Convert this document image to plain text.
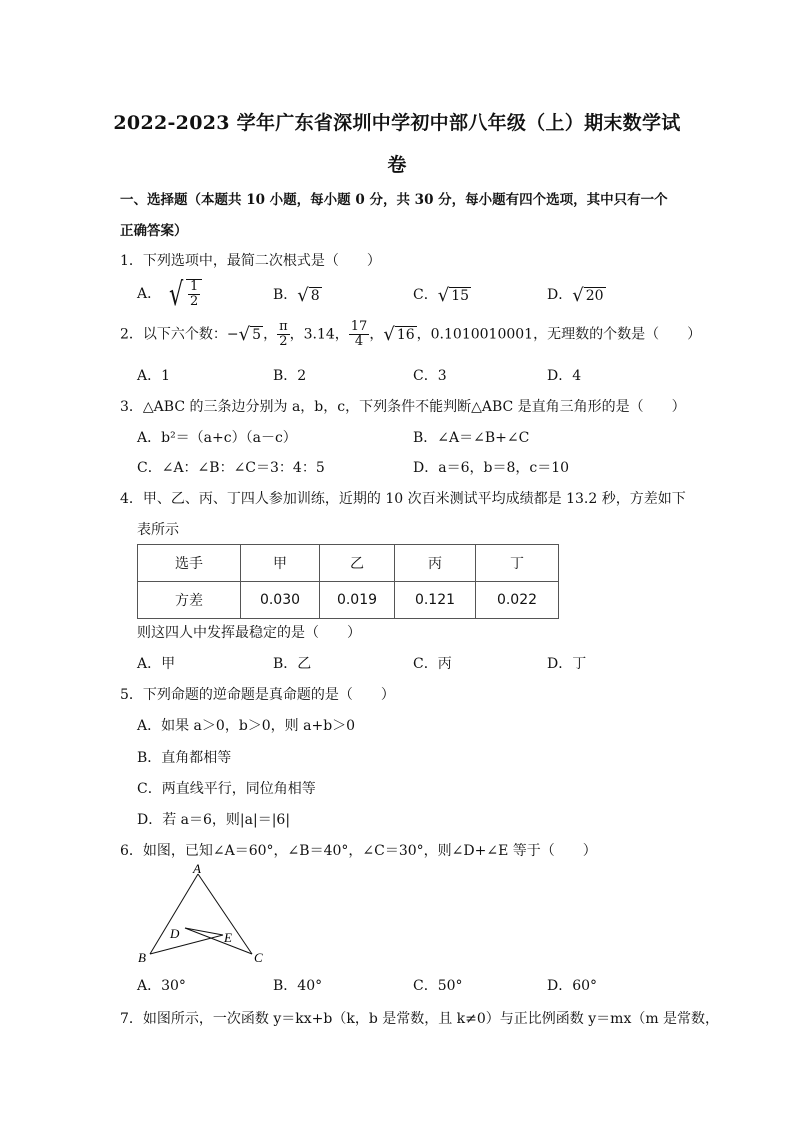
2022-2023 学年广东省深圳中学初中部八年级（上）期末数学试
卷
一、选择题（本题共 10 小题，每小题 0 分，共 30 分，每小题有四个选项，其中只有一个
正确答案）
1．下列选项中，最简二次根式是（　　）
A． √ $\frac{1}{2}$	B．√ 8	C．√ 15	D．√ 20
2．以下六个数：−√ 5 ， $\frac{\pi}{2}$ ，3.14， $\frac{17}{4}$ ，√ 16 ，0.1010010001，无理数的个数是（　　）
A．1	B．2	C．3	D．4
3．△ABC 的三条边分别为 a，b，c，下列条件不能判断△ABC 是直角三角形的是（　　）
A．b²＝（a+c）（a－c）	B．∠A＝∠B+∠C
C．∠A：∠B：∠C＝3：4：5	D．a＝6，b＝8，c＝10
4．甲、乙、丙、丁四人参加训练，近期的 10 次百米测试平均成绩都是 13.2 秒，方差如下
表所示
选手	甲	乙	丙	丁
方差	0.030	0.019	0.121	0.022
则这四人中发挥最稳定的是（　　）
A．甲	B．乙	C．丙	D．丁
5．下列命题的逆命题是真命题的是（　　）
A．如果 a＞0，b＞0，则 a+b＞0
B．直角都相等
C．两直线平行，同位角相等
D．若 a＝6，则|a|＝|6|
6．如图，已知∠A＝60°，∠B＝40°，∠C＝30°，则∠D+∠E 等于（　　）
A
B	C
D	E
A．30°	B．40°	C．50°	D．60°
7．如图所示，一次函数 y＝kx+b（k，b 是常数，且 k≠0）与正比例函数 y＝mx（m 是常数，
